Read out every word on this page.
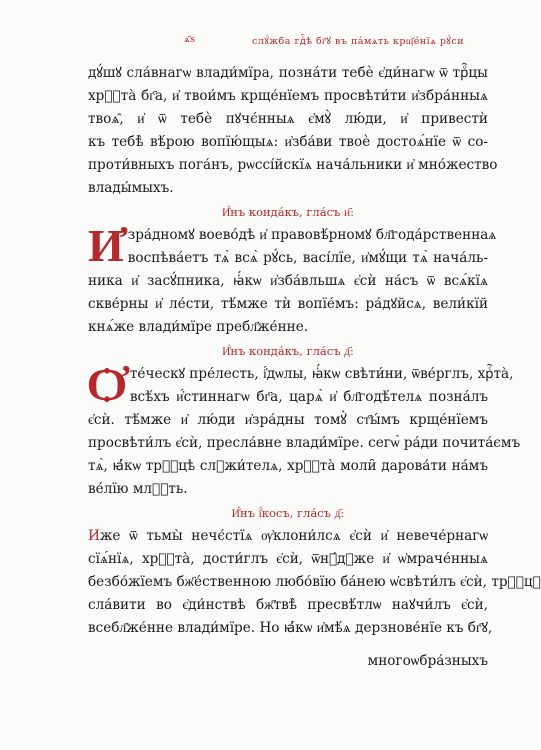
ѧ҃ѕ	слꙋ́жба гдⷭ҇ѣ бг҃ꙋ въ па́мѧть крщ҃е́нїѧ рꙋ́си
дꙋ́шꙋ сла́внагѡ влади́мїра, позна́ти тебѐ є҆ди́нагѡ ѿ трⷪ҇цы
хрⷭ҇та̀ бг҃а, и҆ твои́мъ крще́нїемъ просвѣти́ти и҆збра́нныѧ
твоѧ̑, и҆ ѿ тебѐ пꙋчє́нныѧ є҆мꙋ̀ лю́ди, и҆ привестѝ
къ тебѣ̀ вѣ́рою вопїю́щыѧ: и҆зба́ви твоѐ достоѧ́нїе ѿ со-
проти́вныхъ пога́нъ, рѡссі́йскїѧ нача́льники и҆ мно́жество
влады́мыхъ.
И҆́нъ конда́къ, гла́съ и҃:
И҆ зра́дномꙋ воево́дѣ и҆ правовѣ́рномꙋ бл҃года́рственнаѧ
воспѣва́етъ тѧ̀ всѧ̀ рꙋ́сь, васі́лїе, и҆мꙋ́щи тѧ̀ нача́ль-
ника и҆ засꙋ́пника, ꙗ҆́кѡ и҆зба́вльшѧ є҆сѝ на́съ ѿ всѧ́кїѧ
скве́рны и҆ ле́сти, тѣ́мже тѝ вопїе́мъ: ра́дꙋйсѧ, вели́кїй
кнѧ́же влади́мїре пребл҃же́нне.
И҆́нъ конда́къ, гла́съ д҃:
Ѻ҆ те́ческꙋ пре́лесть, і҆́дѡлы, ꙗ҆́кѡ свѣти́ни, ѿве́рглъ, хрⷭ҇та̀,
всѣ́хъ и҆́стиннагѡ бг҃а, царѧ̀ и҆ бл҃годѣ́телѧ позна́лъ
є҆сѝ. тѣ́мже и҆ лю́ди и҆зра́дны томꙋ̀ ст҃ы́мъ крще́нїемъ
просвѣти́лъ є҆сѝ, пресла́вне влади́мїре. сегѡ̀ ра́ди почита́ємъ
тѧ̀, ꙗ҆́кѡ трⷪ҇цѣ слꙋжи́телѧ, хрⷭ҇та̀ моли̑ дарова́ти на́мъ
ве́лїю млⷭ҇ть.
И҆́нъ і҆́косъ, гла́съ д҃:
Иже ѿ тьмы̀ нечє́стїѧ ѹ҆клони́лсѧ є҆сѝ и҆ невече́рнагѡ
сїѧ́нїѧ, хрⷭ҇та̀, дости́глъ є҆сѝ, ѿнꙋ́дꙋже и҆ ѡ҆мраче́нныѧ
безбо́жїемъ бж҃е́ственною любо́вїю ба́нею ѡ҆свѣти́лъ є҆сѝ, трⷪ҇цꙋ
сла́вити во є҆ди́нствѣ бж҃твѣ̀ пресвѣ́тлѡ наꙋчи́лъ є҆сѝ,
всебл҃же́нне влади́мїре. Но ꙗ҆́кѡ и҆мѣ́ѧ дерзнове́нїе къ бг҃ꙋ,
многоѡбра́зныхъ
